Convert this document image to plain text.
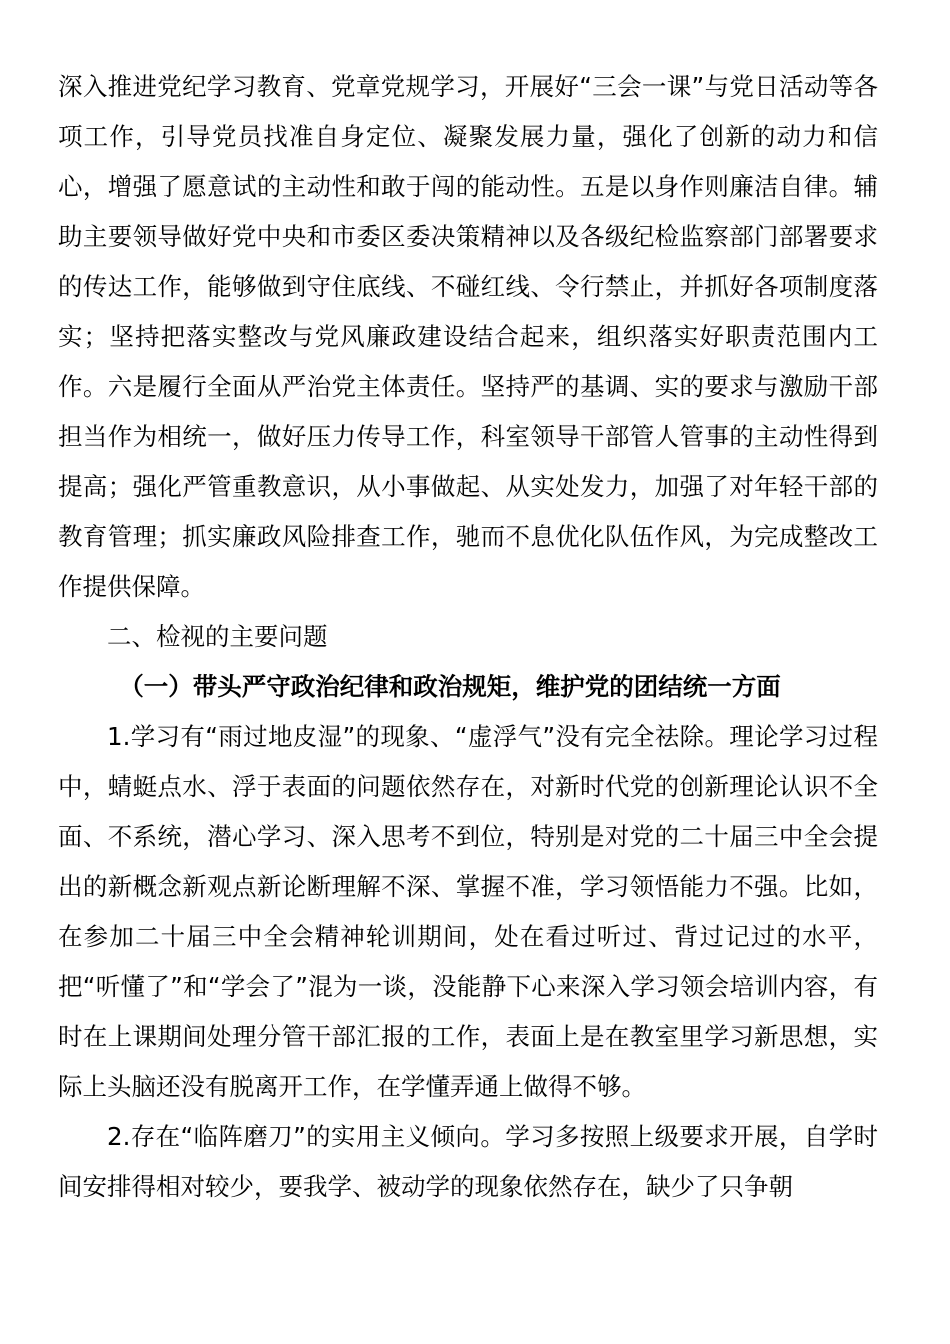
深入推进党纪学习教育、党章党规学习，开展好“三会一课”与党日活动等各项工作，引导党员找准自身定位、凝聚发展力量，强化了创新的动力和信心，增强了愿意试的主动性和敢于闯的能动性。五是以身作则廉洁自律。辅助主要领导做好党中央和市委区委决策精神以及各级纪检监察部门部署要求的传达工作，能够做到守住底线、不碰红线、令行禁止，并抓好各项制度落实；坚持把落实整改与党风廉政建设结合起来，组织落实好职责范围内工作。六是履行全面从严治党主体责任。坚持严的基调、实的要求与激励干部担当作为相统一，做好压力传导工作，科室领导干部管人管事的主动性得到提高；强化严管重教意识，从小事做起、从实处发力，加强了对年轻干部的教育管理；抓实廉政风险排查工作，驰而不息优化队伍作风，为完成整改工作提供保障。

二、检视的主要问题

（一）带头严守政治纪律和政治规矩，维护党的团结统一方面

1.学习有“雨过地皮湿”的现象、“虚浮气”没有完全祛除。理论学习过程中，蜻蜓点水、浮于表面的问题依然存在，对新时代党的创新理论认识不全面、不系统，潜心学习、深入思考不到位，特别是对党的二十届三中全会提出的新概念新观点新论断理解不深、掌握不准，学习领悟能力不强。比如，在参加二十届三中全会精神轮训期间，处在看过听过、背过记过的水平，把“听懂了”和“学会了”混为一谈，没能静下心来深入学习领会培训内容，有时在上课期间处理分管干部汇报的工作，表面上是在教室里学习新思想，实际上头脑还没有脱离开工作，在学懂弄通上做得不够。

2.存在“临阵磨刀”的实用主义倾向。学习多按照上级要求开展，自学时间安排得相对较少，要我学、被动学的现象依然存在，缺少了只争朝
